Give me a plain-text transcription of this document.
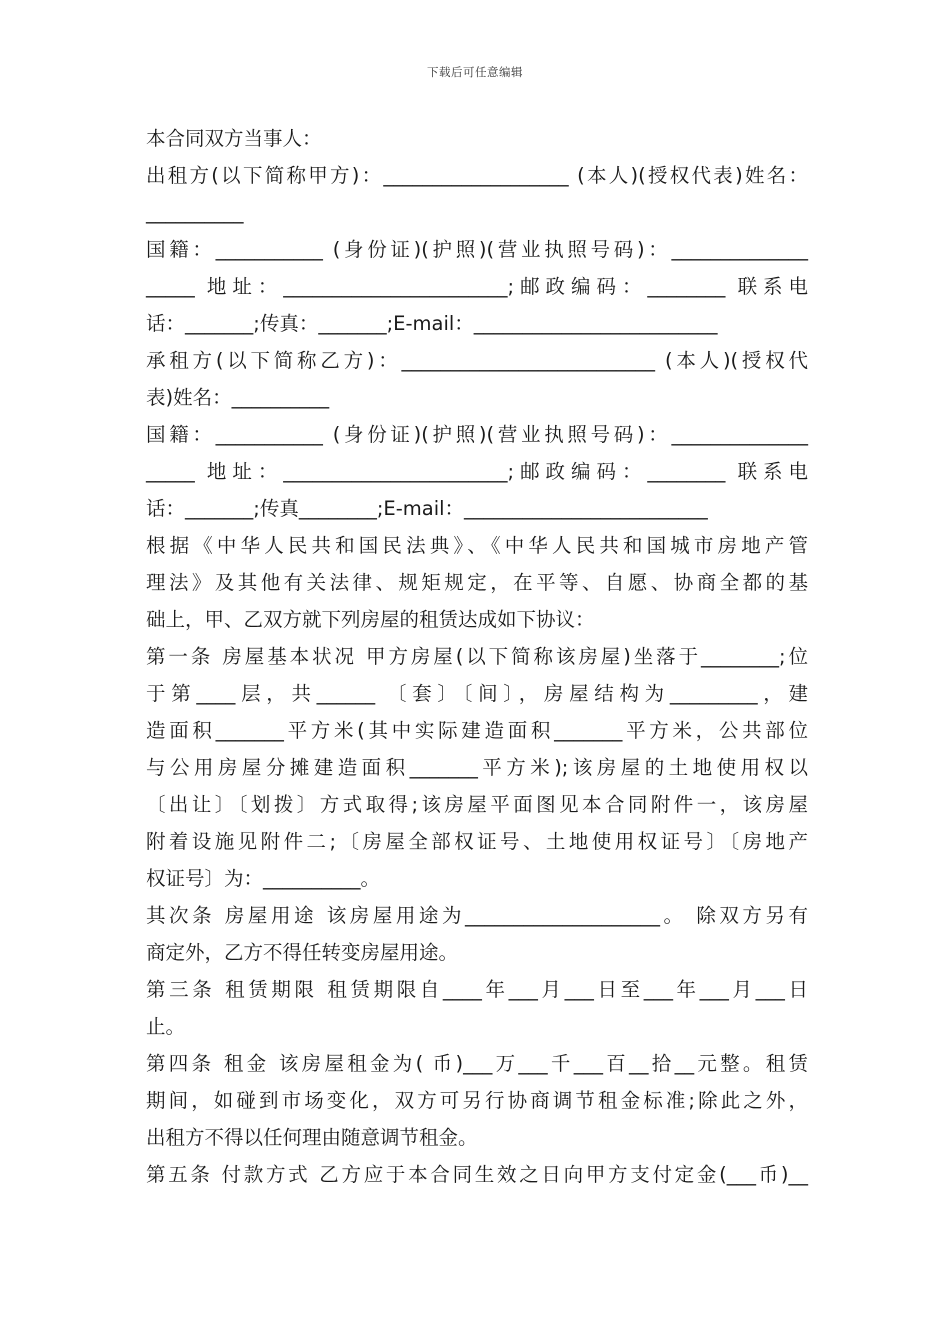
下载后可任意编辑
本合同双方当事人：
出租方(以下简称甲方)：___________________ (本人)(授权代表)姓名：
__________
国籍：___________ (身份证)(护照)(营业执照号码)：______________
_____ 地址：_______________________;邮政编码：________ 联系电
话：_______;传真：_______;E-mail：_________________________
承租方(以下简称乙方)：__________________________ (本人)(授权代
表)姓名：__________
国籍：___________ (身份证)(护照)(营业执照号码)：______________
_____ 地址：_______________________;邮政编码：________ 联系电
话：_______;传真________;E-mail：_________________________
根据《中华人民共和国民法典》、《中华人民共和国城市房地产管
理法》及其他有关法律、规矩规定，在平等、自愿、协商全都的基
础上，甲、乙双方就下列房屋的租赁达成如下协议：
第一条 房屋基本状况 甲方房屋(以下简称该房屋)坐落于________;位
于第____层，共______ 〔套〕〔间〕，房屋结构为_________，建
造面积_______平方米(其中实际建造面积_______平方米，公共部位
与公用房屋分摊建造面积_______平方米);该房屋的土地使用权以
〔出让〕〔划拨〕方式取得;该房屋平面图见本合同附件一，该房屋
附着设施见附件二;〔房屋全部权证号、土地使用权证号〕〔房地产
权证号〕为：__________。
其次条 房屋用途 该房屋用途为____________________。 除双方另有
商定外，乙方不得任转变房屋用途。
第三条 租赁期限 租赁期限自____年___月___日至___年___月___日
止。
第四条 租金 该房屋租金为( 币)___万___千___百__拾__元整。租赁
期间，如碰到市场变化，双方可另行协商调节租金标准;除此之外，
出租方不得以任何理由随意调节租金。
第五条 付款方式 乙方应于本合同生效之日向甲方支付定金(___币)__
